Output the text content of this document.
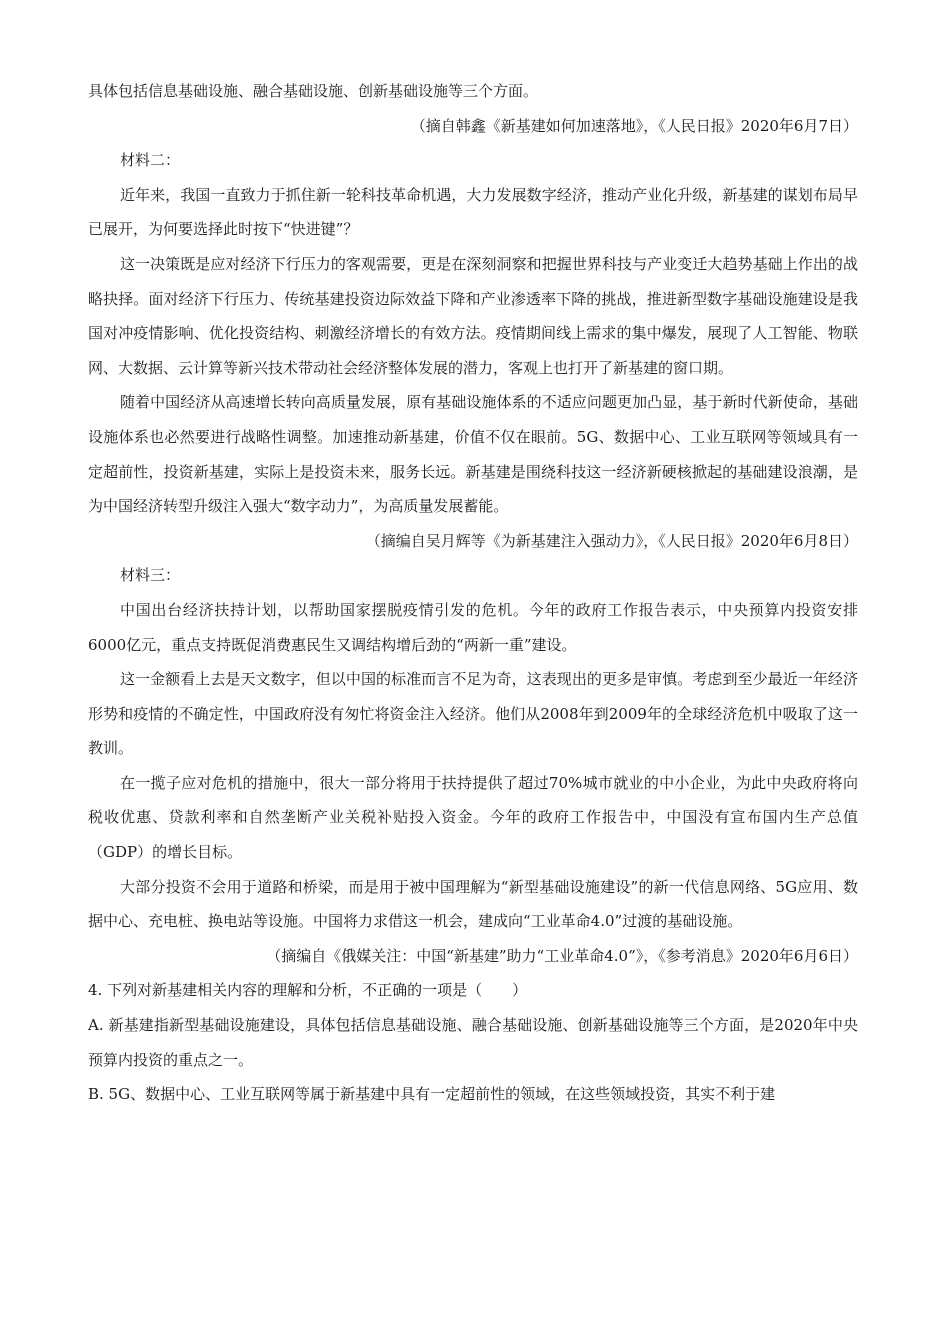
具体包括信息基础设施、融合基础设施、创新基础设施等三个方面。

（摘自韩鑫《新基建如何加速落地》，《人民日报》2020年6月7日）

材料二：

近年来，我国一直致力于抓住新一轮科技革命机遇，大力发展数字经济，推动产业化升级，新基建的谋划布局早已展开，为何要选择此时按下“快进键”？

这一决策既是应对经济下行压力的客观需要，更是在深刻洞察和把握世界科技与产业变迁大趋势基础上作出的战略抉择。面对经济下行压力、传统基建投资边际效益下降和产业渗透率下降的挑战，推进新型数字基础设施建设是我国对冲疫情影响、优化投资结构、刺激经济增长的有效方法。疫情期间线上需求的集中爆发，展现了人工智能、物联网、大数据、云计算等新兴技术带动社会经济整体发展的潜力，客观上也打开了新基建的窗口期。

随着中国经济从高速增长转向高质量发展，原有基础设施体系的不适应问题更加凸显，基于新时代新使命，基础设施体系也必然要进行战略性调整。加速推动新基建，价值不仅在眼前。5G、数据中心、工业互联网等领域具有一定超前性，投资新基建，实际上是投资未来，服务长远。新基建是围绕科技这一经济新硬核掀起的基础建设浪潮，是为中国经济转型升级注入强大“数字动力”，为高质量发展蓄能。

（摘编自吴月辉等《为新基建注入强动力》，《人民日报》2020年6月8日）

材料三：

中国出台经济扶持计划，以帮助国家摆脱疫情引发的危机。今年的政府工作报告表示，中央预算内投资安排6000亿元，重点支持既促消费惠民生又调结构增后劲的“两新一重”建设。

这一金额看上去是天文数字，但以中国的标准而言不足为奇，这表现出的更多是审慎。考虑到至少最近一年经济形势和疫情的不确定性，中国政府没有匆忙将资金注入经济。他们从2008年到2009年的全球经济危机中吸取了这一教训。

在一揽子应对危机的措施中，很大一部分将用于扶持提供了超过70%城市就业的中小企业，为此中央政府将向税收优惠、贷款利率和自然垄断产业关税补贴投入资金。今年的政府工作报告中，中国没有宣布国内生产总值（GDP）的增长目标。

大部分投资不会用于道路和桥梁，而是用于被中国理解为“新型基础设施建设”的新一代信息网络、5G应用、数据中心、充电桩、换电站等设施。中国将力求借这一机会，建成向“工业革命4.0”过渡的基础设施。

（摘编自《俄媒关注：中国“新基建”助力“工业革命4.0”》，《参考消息》2020年6月6日）

4. 下列对新基建相关内容的理解和分析，不正确的一项是（　　）

A. 新基建指新型基础设施建设，具体包括信息基础设施、融合基础设施、创新基础设施等三个方面，是2020年中央预算内投资的重点之一。

B. 5G、数据中心、工业互联网等属于新基建中具有一定超前性的领域，在这些领域投资，其实不利于建
